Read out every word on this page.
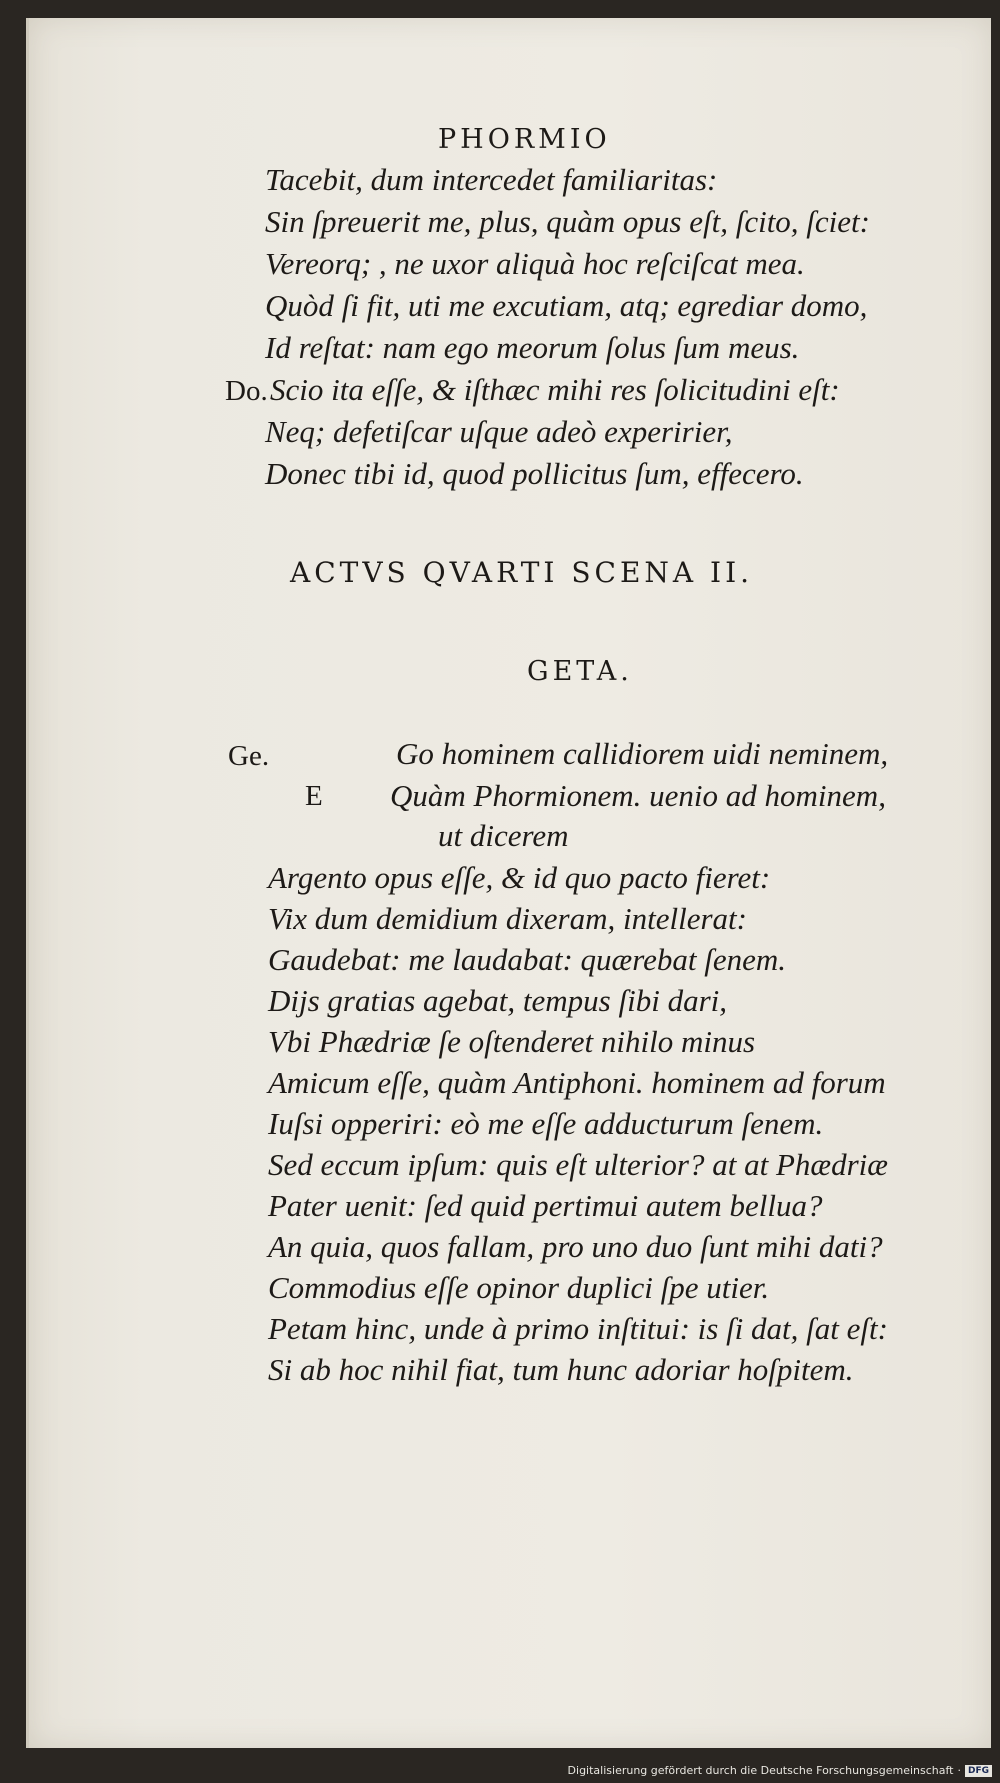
PHORMIO
Tacebit, dum intercedet familiaritas:
Sin ſpreuerit me, plus, quàm opus eſt, ſcito, ſciet:
Vereorq; , ne uxor aliquà hoc reſciſcat mea.
Quòd ſi fit, uti me excutiam, atq; egrediar domo,
Id reſtat: nam ego meorum ſolus ſum meus.
Do. Scio ita eſſe, & iſthæc mihi res ſolicitudini eſt:
Neq; defetiſcar uſque adeò experirier,
Donec tibi id, quod pollicitus ſum, effecero.
ACTVS QVARTI SCENA II.
GETA.
Ge.	Go hominem callidiorem uidi neminem,
E Quàm Phormionem. uenio ad hominem,
ut dicerem
Argento opus eſſe, & id quo pacto fieret:
Vix dum demidium dixeram, intellerat:
Gaudebat: me laudabat: quærebat ſenem.
Dijs gratias agebat, tempus ſibi dari,
Vbi Phædriæ ſe oſtenderet nihilo minus
Amicum eſſe, quàm Antiphoni. hominem ad forum
Iuſsi opperiri: eò me eſſe adducturum ſenem.
Sed eccum ipſum: quis eſt ulterior? at at Phædriæ
Pater uenit: ſed quid pertimui autem bellua?
An quia, quos fallam, pro uno duo ſunt mihi dati?
Commodius eſſe opinor duplici ſpe utier.
Petam hinc, unde à primo inſtitui: is ſi dat, ſat eſt:
Si ab hoc nihil fiat, tum hunc adoriar hoſpitem.
Digitalisierung gefördert durch die Deutsche Forschungsgemeinschaft · DFG
